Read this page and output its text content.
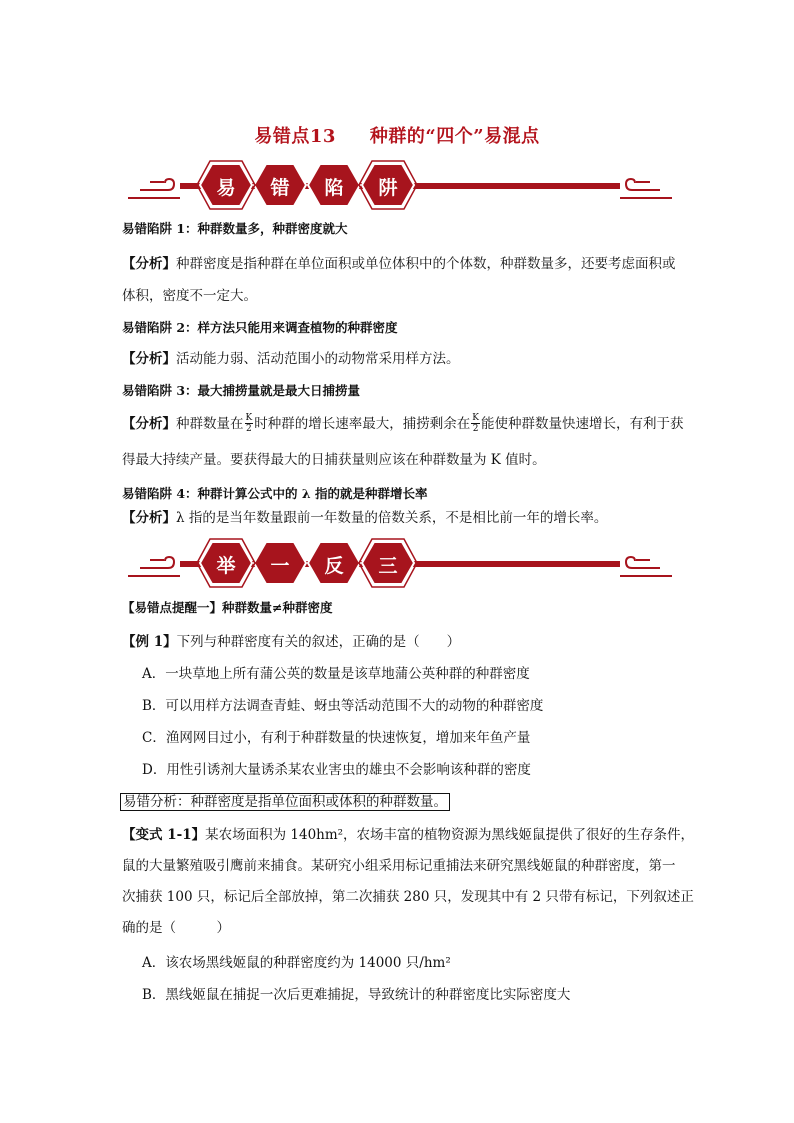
易错点13 种群的“四个”易混点
易	错	陷	阱
易错陷阱 1：种群数量多，种群密度就大
【分析】种群密度是指种群在单位面积或单位体积中的个体数，种群数量多，还要考虑面积或
体积，密度不一定大。
易错陷阱 2：样方法只能用来调查植物的种群密度
【分析】活动能力弱、活动范围小的动物常采用样方法。
易错陷阱 3：最大捕捞量就是最大日捕捞量
【分析】种群数量在 $\frac{K}{2}$ 时种群的增长速率最大，捕捞剩余在 $\frac{K}{2}$ 能使种群数量快速增长，有利于获
得最大持续产量。要获得最大的日捕获量则应该在种群数量为 K 值时。
易错陷阱 4：种群计算公式中的 λ 指的就是种群增长率
【分析】λ 指的是当年数量跟前一年数量的倍数关系，不是相比前一年的增长率。
举	一	反	三
【易错点提醒一】种群数量≠种群密度
【例 1】下列与种群密度有关的叙述，正确的是（　　）
A．一块草地上所有蒲公英的数量是该草地蒲公英种群的种群密度
B．可以用样方法调查青蛙、蚜虫等活动范围不大的动物的种群密度
C．渔网网目过小，有利于种群数量的快速恢复，增加来年鱼产量
D．用性引诱剂大量诱杀某农业害虫的雄虫不会影响该种群的密度
易错分析：种群密度是指单位面积或体积的种群数量。
【变式 1-1】某农场面积为 140hm²，农场丰富的植物资源为黑线姬鼠提供了很好的生存条件，
鼠的大量繁殖吸引鹰前来捕食。某研究小组采用标记重捕法来研究黑线姬鼠的种群密度，第一
次捕获 100 只，标记后全部放掉，第二次捕获 280 只，发现其中有 2 只带有标记，下列叙述正
确的是（　　　）
A．该农场黑线姬鼠的种群密度约为 14000 只/hm²
B．黑线姬鼠在捕捉一次后更难捕捉，导致统计的种群密度比实际密度大
